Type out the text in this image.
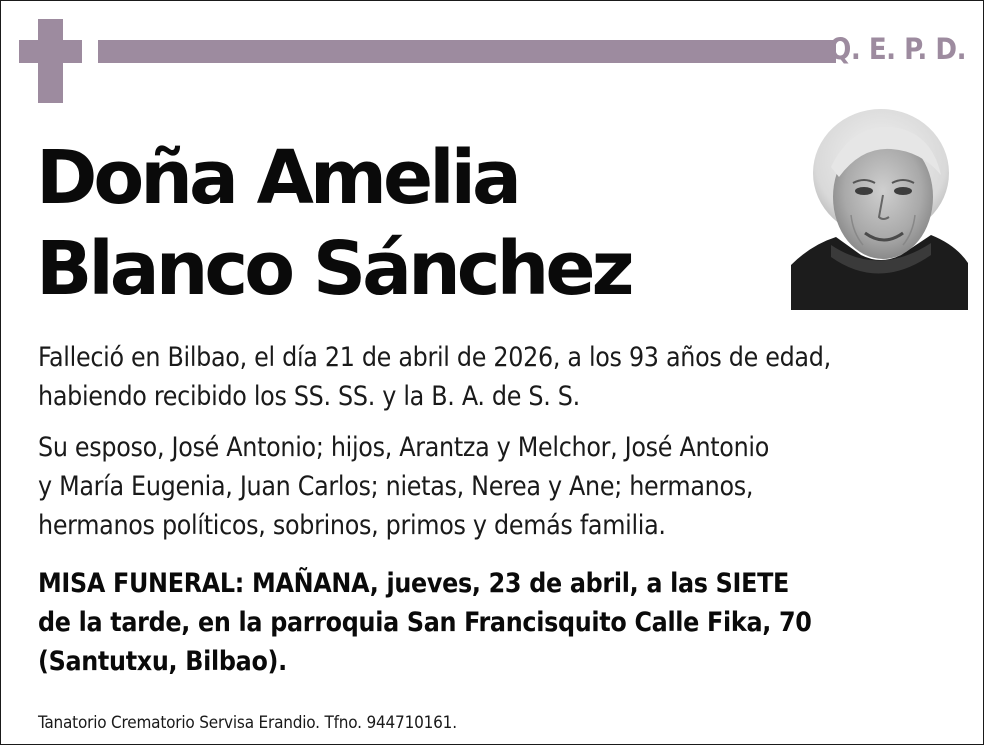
Q. E. P. D.
Doña Amelia
Blanco Sánchez
Falleció en Bilbao, el día 21 de abril de 2026, a los 93 años de edad,
habiendo recibido los SS. SS. y la B. A. de S. S.
Su esposo, José Antonio; hijos, Arantza y Melchor, José Antonio
y María Eugenia, Juan Carlos; nietas, Nerea y Ane; hermanos,
hermanos políticos, sobrinos, primos y demás familia.
MISA FUNERAL: MAÑANA, jueves, 23 de abril, a las SIETE
de la tarde, en la parroquia San Francisquito Calle Fika, 70
(Santutxu, Bilbao).
Tanatorio Crematorio Servisa Erandio. Tfno. 944710161.
